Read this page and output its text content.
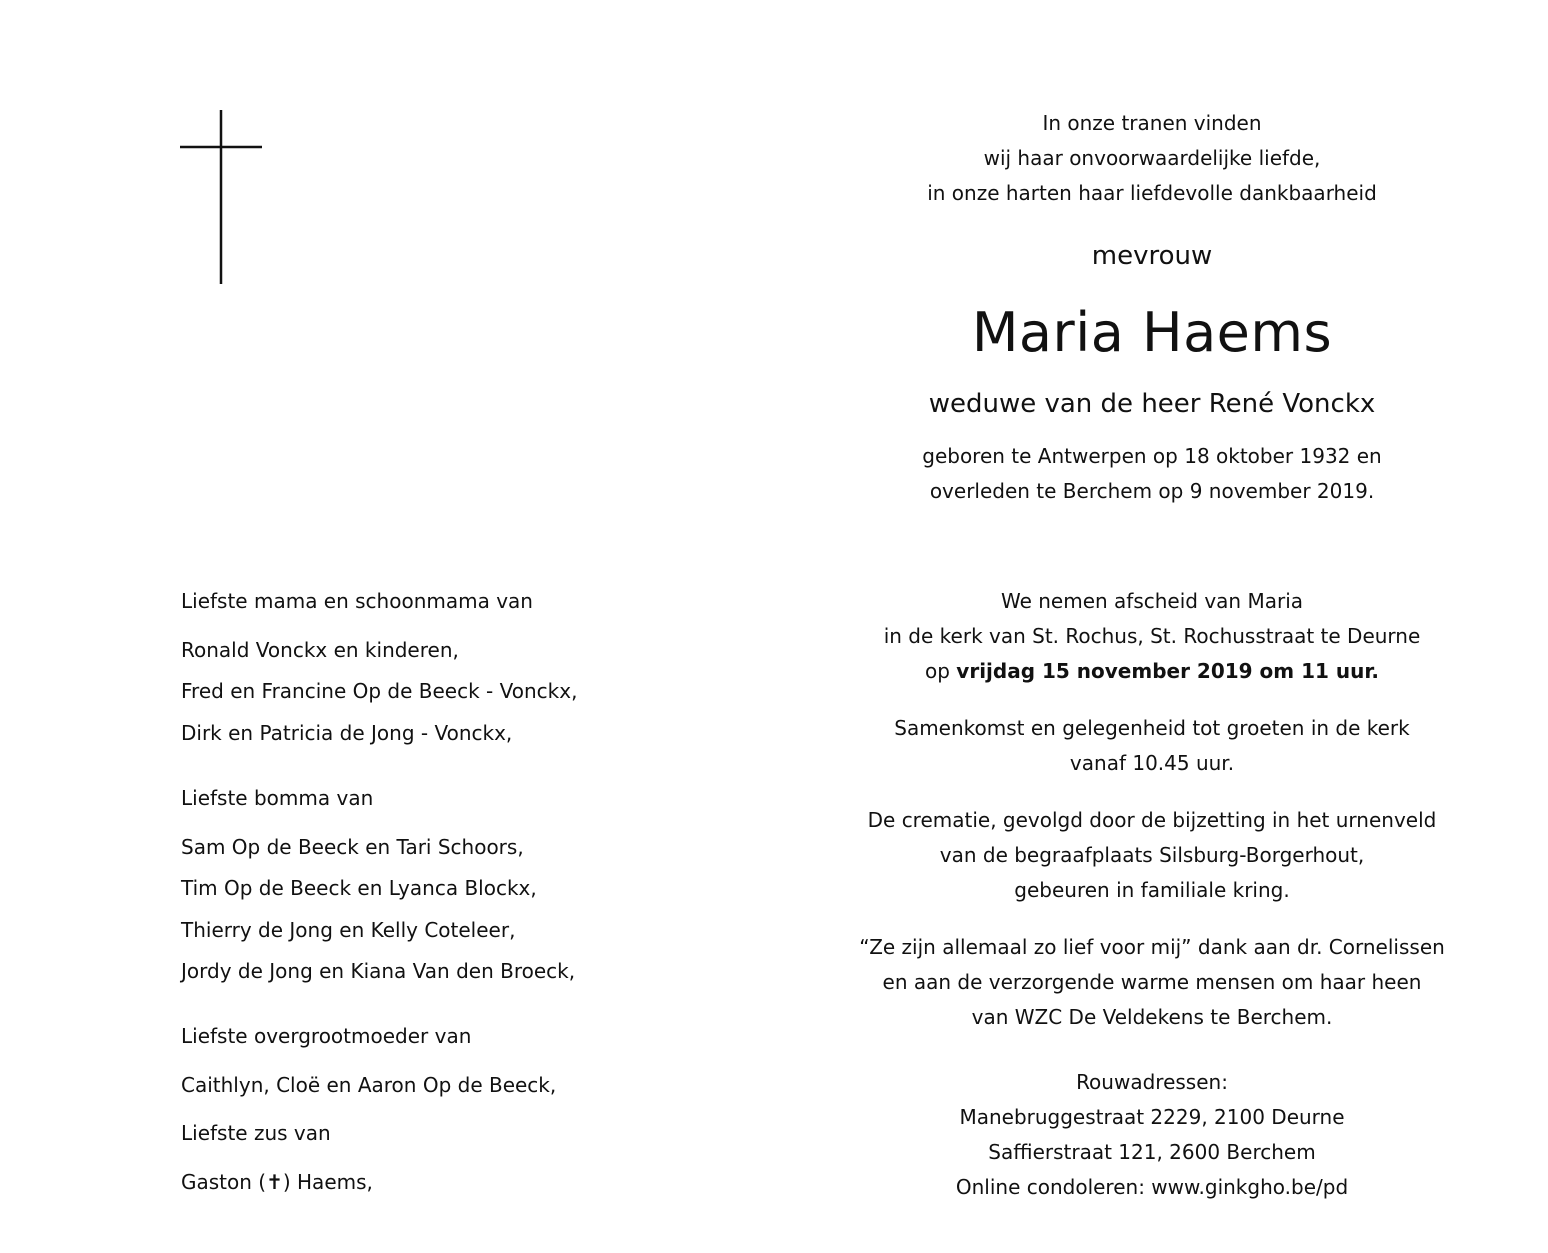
In onze tranen vinden
wij haar onvoorwaardelijke liefde,
in onze harten haar liefdevolle dankbaarheid
mevrouw
Maria Haems
weduwe van de heer René Vonckx
geboren te Antwerpen op 18 oktober 1932 en
overleden te Berchem op 9 november 2019.
We nemen afscheid van Maria
in de kerk van St. Rochus, St. Rochusstraat te Deurne
op vrijdag 15 november 2019 om 11 uur.
Samenkomst en gelegenheid tot groeten in de kerk
vanaf 10.45 uur.
De crematie, gevolgd door de bijzetting in het urnenveld
van de begraafplaats Silsburg-Borgerhout,
gebeuren in familiale kring.
“Ze zijn allemaal zo lief voor mij” dank aan dr. Cornelissen
en aan de verzorgende warme mensen om haar heen
van WZC De Veldekens te Berchem.
Rouwadressen:
Manebruggestraat 2229, 2100 Deurne
Saffierstraat 121, 2600 Berchem
Online condoleren: www.ginkgho.be/pd
Liefste mama en schoonmama van
Ronald Vonckx en kinderen,
Fred en Francine Op de Beeck - Vonckx,
Dirk en Patricia de Jong - Vonckx,
Liefste bomma van
Sam Op de Beeck en Tari Schoors,
Tim Op de Beeck en Lyanca Blockx,
Thierry de Jong en Kelly Coteleer,
Jordy de Jong en Kiana Van den Broeck,
Liefste overgrootmoeder van
Caithlyn, Cloë en Aaron Op de Beeck,
Liefste zus van
Gaston (✝) Haems,
